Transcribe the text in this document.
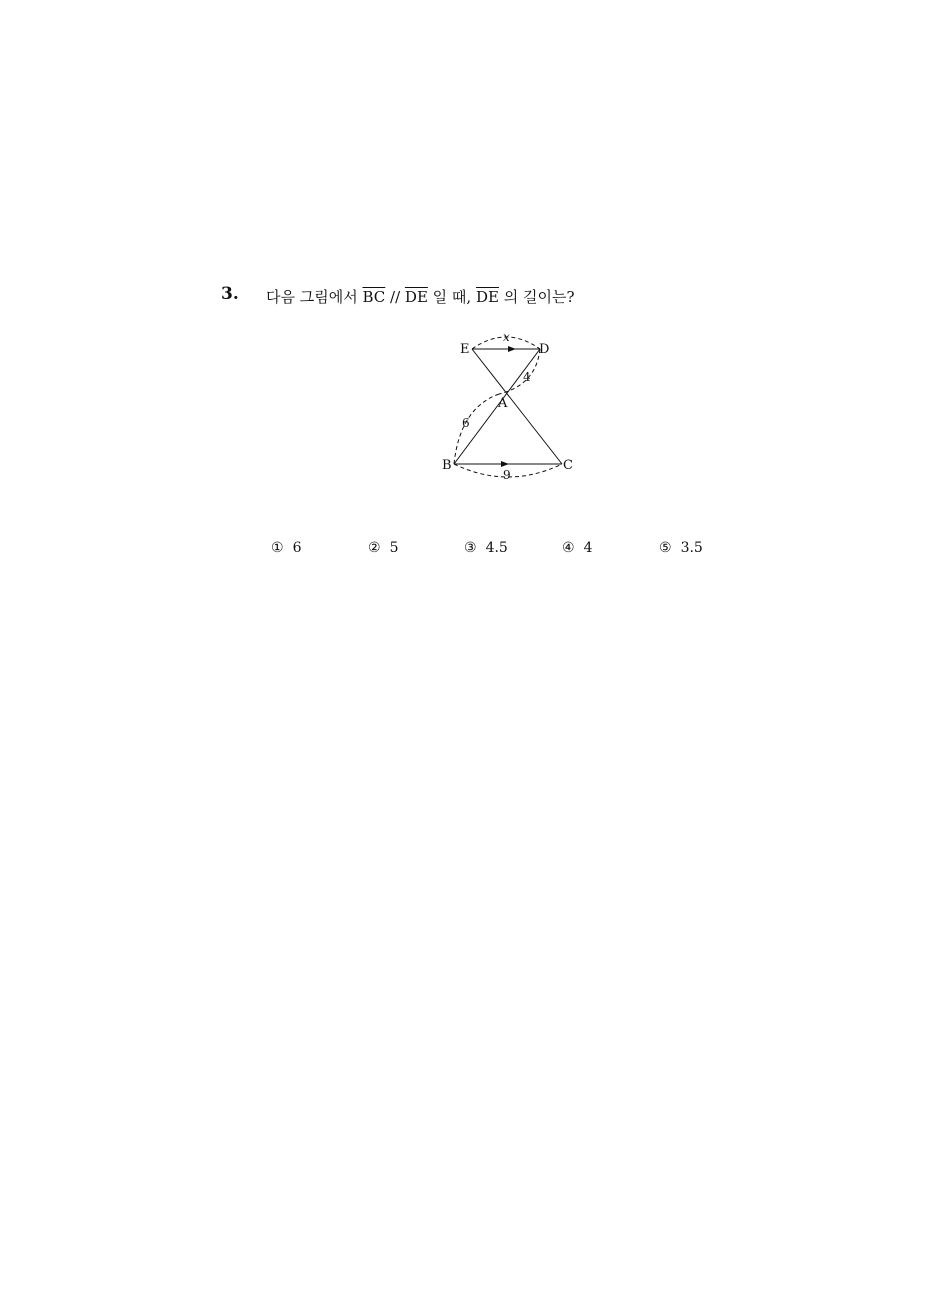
3. 다음 그림에서 $\overline{BC} // \overline{DE}$ 일 때, $\overline{DE}$ 의 길이는?
E	D
A
B	C
x
4
6
9
① 6	② 5	③ 4.5	④ 4	⑤ 3.5
